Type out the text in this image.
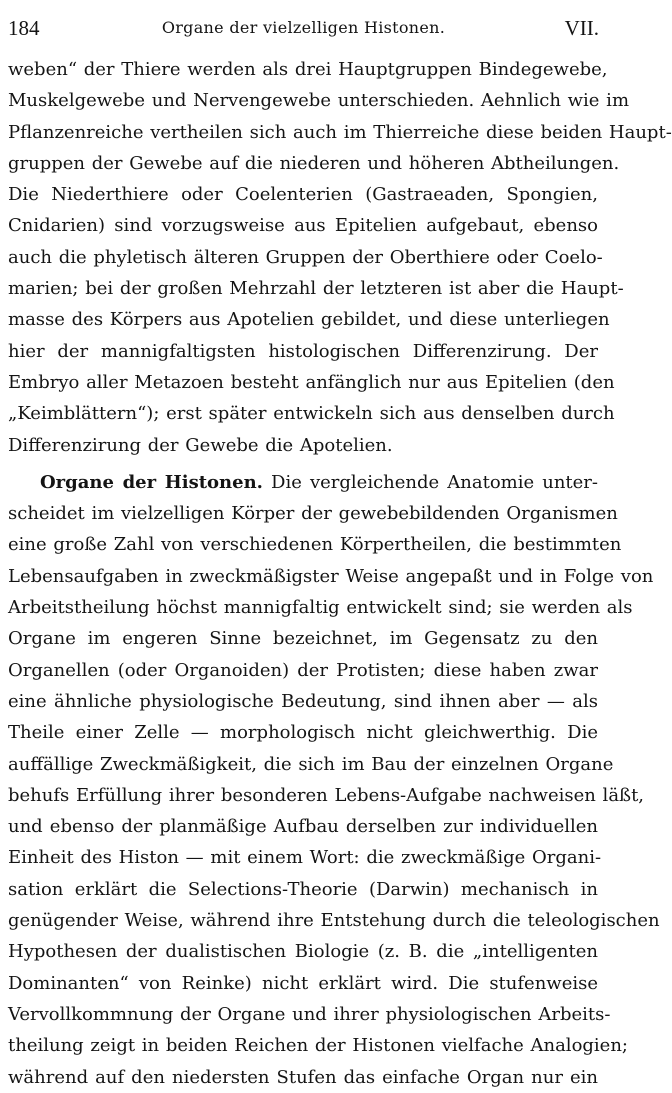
184	Organe der vielzelligen Histonen.	VII.
weben“ der Thiere werden als drei Hauptgruppen Bindegewebe,
Muskelgewebe und Nervengewebe unterschieden. Aehnlich wie im
Pflanzenreiche vertheilen sich auch im Thierreiche diese beiden Haupt-
gruppen der Gewebe auf die niederen und höheren Abtheilungen.
Die Niederthiere oder Coelenterien (Gastraeaden, Spongien,
Cnidarien) sind vorzugsweise aus Epitelien aufgebaut, ebenso
auch die phyletisch älteren Gruppen der Oberthiere oder Coelo-
marien; bei der großen Mehrzahl der letzteren ist aber die Haupt-
masse des Körpers aus Apotelien gebildet, und diese unterliegen
hier der mannigfaltigsten histologischen Differenzirung. Der
Embryo aller Metazoen besteht anfänglich nur aus Epitelien (den
„Keimblättern“); erst später entwickeln sich aus denselben durch
Differenzirung der Gewebe die Apotelien.
Organe der Histonen. Die vergleichende Anatomie unter-
scheidet im vielzelligen Körper der gewebebildenden Organismen
eine große Zahl von verschiedenen Körpertheilen, die bestimmten
Lebensaufgaben in zweckmäßigster Weise angepaßt und in Folge von
Arbeitstheilung höchst mannigfaltig entwickelt sind; sie werden als
Organe im engeren Sinne bezeichnet, im Gegensatz zu den
Organellen (oder Organoiden) der Protisten; diese haben zwar
eine ähnliche physiologische Bedeutung, sind ihnen aber — als
Theile einer Zelle — morphologisch nicht gleichwerthig. Die
auffällige Zweckmäßigkeit, die sich im Bau der einzelnen Organe
behufs Erfüllung ihrer besonderen Lebens-Aufgabe nachweisen läßt,
und ebenso der planmäßige Aufbau derselben zur individuellen
Einheit des Histon — mit einem Wort: die zweckmäßige Organi-
sation erklärt die Selections-Theorie (Darwin) mechanisch in
genügender Weise, während ihre Entstehung durch die teleologischen
Hypothesen der dualistischen Biologie (z. B. die „intelligenten
Dominanten“ von Reinke) nicht erklärt wird. Die stufenweise
Vervollkommnung der Organe und ihrer physiologischen Arbeits-
theilung zeigt in beiden Reichen der Histonen vielfache Analogien;
während auf den niedersten Stufen das einfache Organ nur ein
